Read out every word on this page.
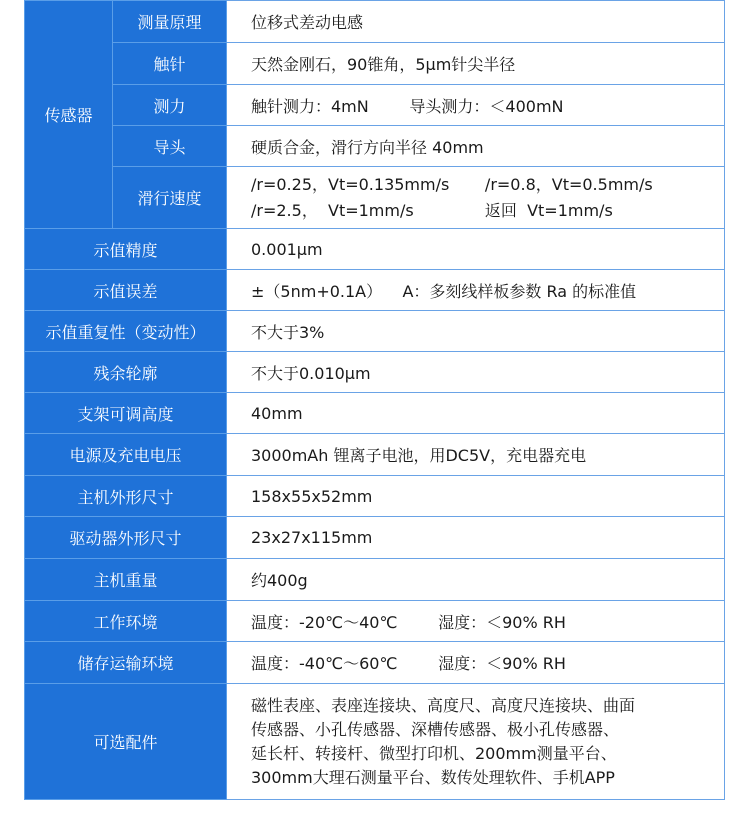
传感器	测量原理	位移式差动电感
	触针	天然金刚石，90锥角，5μm针尖半径
	测力	触针测力：4mN        导头测力：＜400mN
	导头	硬质合金，滑行方向半径 40mm
	滑行速度	/r=0.25，Vt=0.135mm/s       /r=0.8，Vt=0.5mm/s
/r=2.5，  Vt=1mm/s              返回  Vt=1mm/s

示值精度		0.001μm
示值误差		±（5nm+0.1A）    A：多刻线样板参数 Ra 的标准值
示值重复性（变动性）		不大于3%
残余轮廓		不大于0.010μm
支架可调高度		40mm
电源及充电电压		3000mAh 锂离子电池，用DC5V，充电器充电
主机外形尺寸		158x55x52mm
驱动器外形尺寸		23x27x115mm
主机重量		约400g
工作环境		温度：-20℃～40℃        湿度：＜90% RH
储存运输环境		温度：-40℃～60℃        湿度：＜90% RH
可选配件		磁性表座、表座连接块、高度尺、高度尺连接块、曲面
传感器、小孔传感器、深槽传感器、极小孔传感器、
延长杆、转接杆、微型打印机、200mm测量平台、
300mm大理石测量平台、数传处理软件、手机APP
